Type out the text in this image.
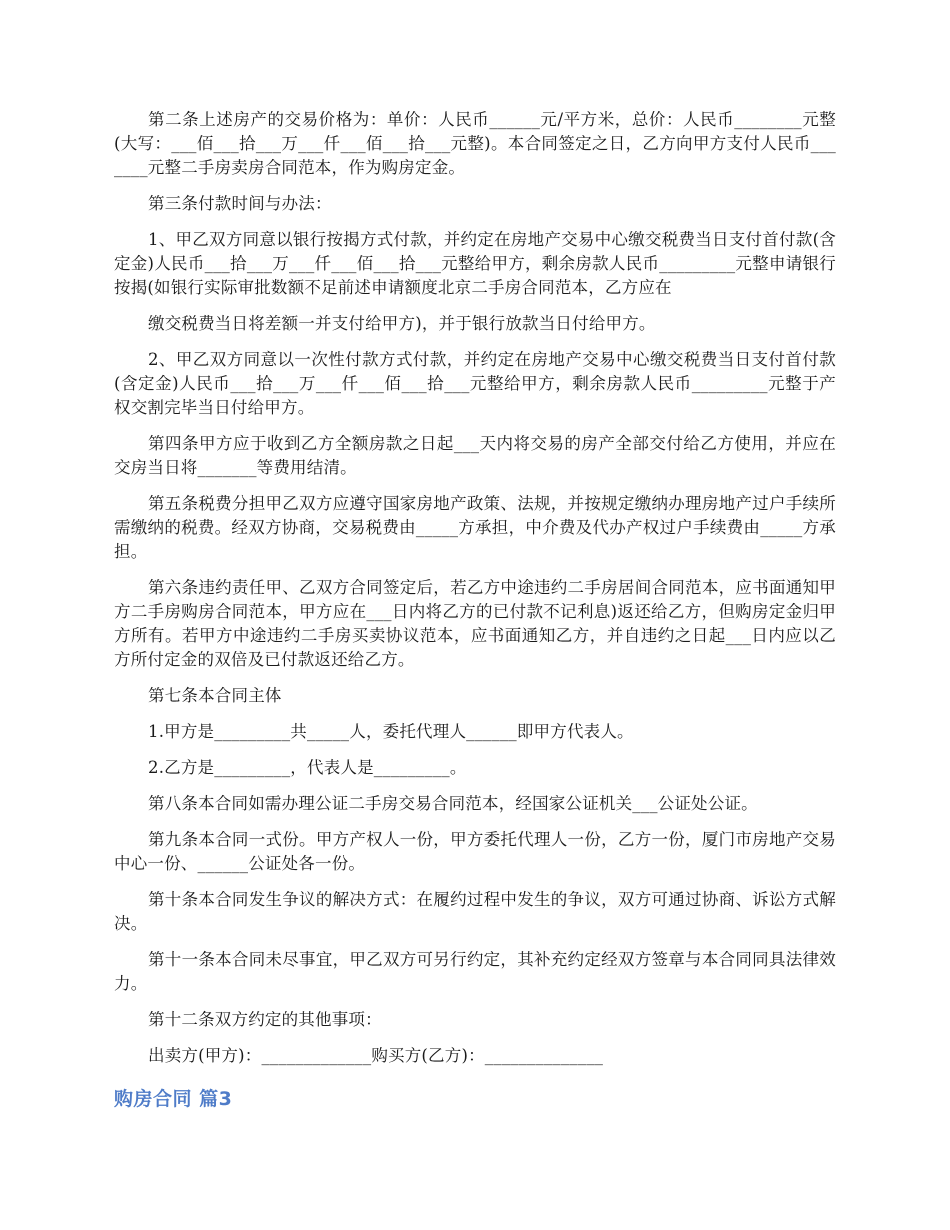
第二条上述房产的交易价格为：单价：人民币______元/平方米，总价：人民币________元整(大写：___佰___拾___万___仟___佰___拾___元整)。本合同签定之日，乙方向甲方支付人民币_______元整二手房卖房合同范本，作为购房定金。

第三条付款时间与办法：

1、甲乙双方同意以银行按揭方式付款，并约定在房地产交易中心缴交税费当日支付首付款(含定金)人民币___拾___万___仟___佰___拾___元整给甲方，剩余房款人民币_________元整申请银行按揭(如银行实际审批数额不足前述申请额度北京二手房合同范本，乙方应在

缴交税费当日将差额一并支付给甲方)，并于银行放款当日付给甲方。

2、甲乙双方同意以一次性付款方式付款，并约定在房地产交易中心缴交税费当日支付首付款(含定金)人民币___拾___万___仟___佰___拾___元整给甲方，剩余房款人民币_________元整于产权交割完毕当日付给甲方。

第四条甲方应于收到乙方全额房款之日起___天内将交易的房产全部交付给乙方使用，并应在交房当日将_______等费用结清。

第五条税费分担甲乙双方应遵守国家房地产政策、法规，并按规定缴纳办理房地产过户手续所需缴纳的税费。经双方协商，交易税费由_____方承担，中介费及代办产权过户手续费由_____方承担。

第六条违约责任甲、乙双方合同签定后，若乙方中途违约二手房居间合同范本，应书面通知甲方二手房购房合同范本，甲方应在___日内将乙方的已付款不记利息)返还给乙方，但购房定金归甲方所有。若甲方中途违约二手房买卖协议范本，应书面通知乙方，并自违约之日起___日内应以乙方所付定金的双倍及已付款返还给乙方。

第七条本合同主体

1.甲方是_________共_____人，委托代理人______即甲方代表人。

2.乙方是_________，代表人是_________。

第八条本合同如需办理公证二手房交易合同范本，经国家公证机关___公证处公证。

第九条本合同一式份。甲方产权人一份，甲方委托代理人一份，乙方一份，厦门市房地产交易中心一份、______公证处各一份。

第十条本合同发生争议的解决方式：在履约过程中发生的争议，双方可通过协商、诉讼方式解决。

第十一条本合同未尽事宜，甲乙双方可另行约定，其补充约定经双方签章与本合同同具法律效力。

第十二条双方约定的其他事项：

出卖方(甲方)：_____________购买方(乙方)：______________

购房合同 篇3
